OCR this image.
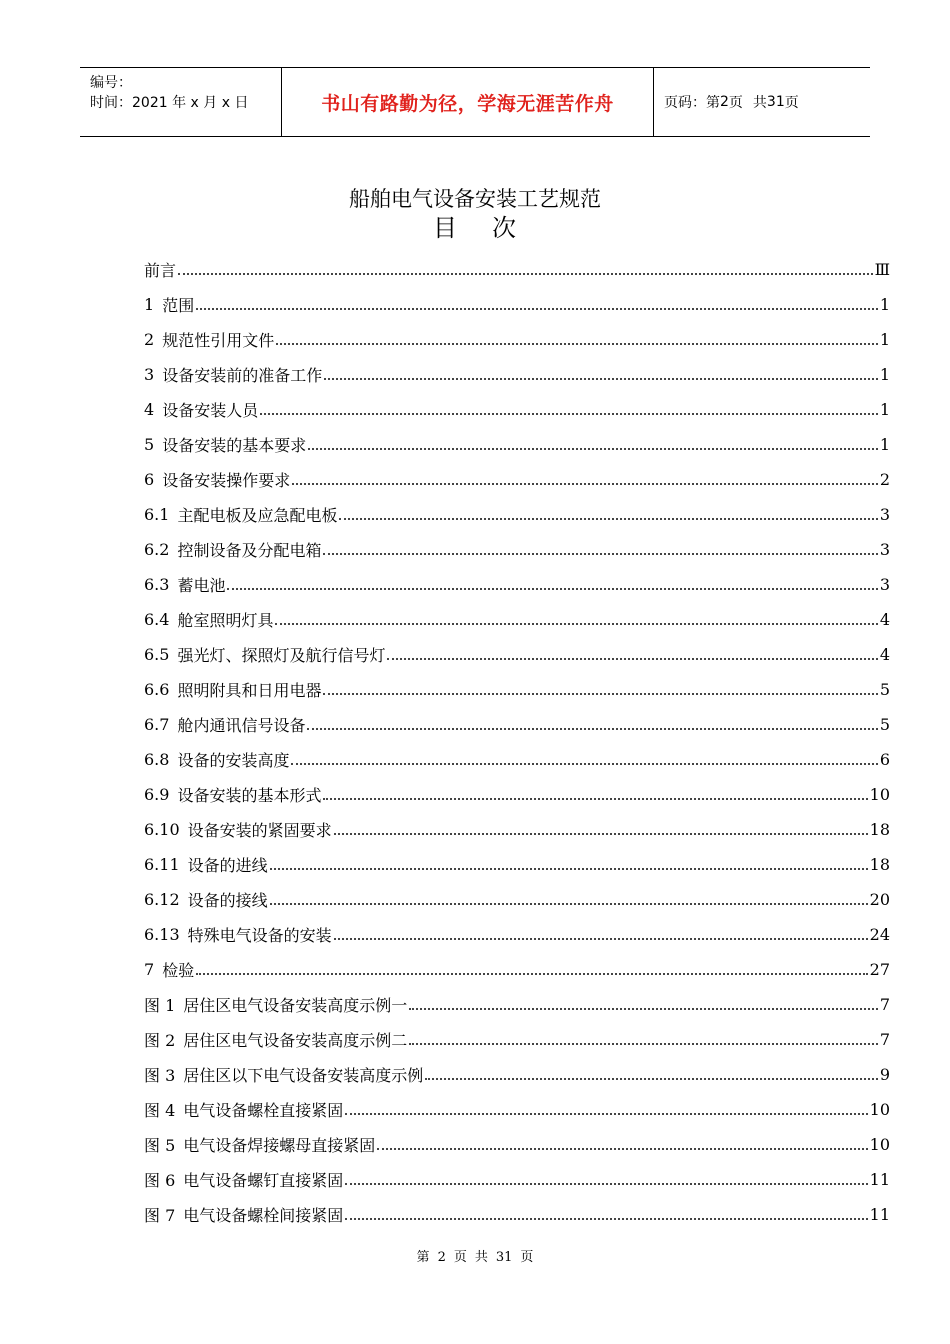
编号：
时间：2021 年 x 月 x 日	书山有路勤为径，学海无涯苦作舟	页码：第 2 页 共 31 页
船舶电气设备安装工艺规范
目 次
前言	Ⅲ
1 范围	1
2 规范性引用文件	1
3 设备安装前的准备工作	1
4 设备安装人员	1
5 设备安装的基本要求	1
6 设备安装操作要求	2
6.1 主配电板及应急配电板	3
6.2 控制设备及分配电箱	3
6.3 蓄电池	3
6.4 舱室照明灯具	4
6.5 强光灯、探照灯及航行信号灯	4
6.6 照明附具和日用电器	5
6.7 舱内通讯信号设备	5
6.8 设备的安装高度	6
6.9 设备安装的基本形式	10
6.10 设备安装的紧固要求	18
6.11 设备的进线	18
6.12 设备的接线	20
6.13 特殊电气设备的安装	24
7 检验	27
图 1 居住区电气设备安装高度示例一	7
图 2 居住区电气设备安装高度示例二	7
图 3 居住区以下电气设备安装高度示例	9
图 4 电气设备螺栓直接紧固	10
图 5 电气设备焊接螺母直接紧固	10
图 6 电气设备螺钉直接紧固	11
图 7 电气设备螺栓间接紧固	11
第 2 页 共 31 页
